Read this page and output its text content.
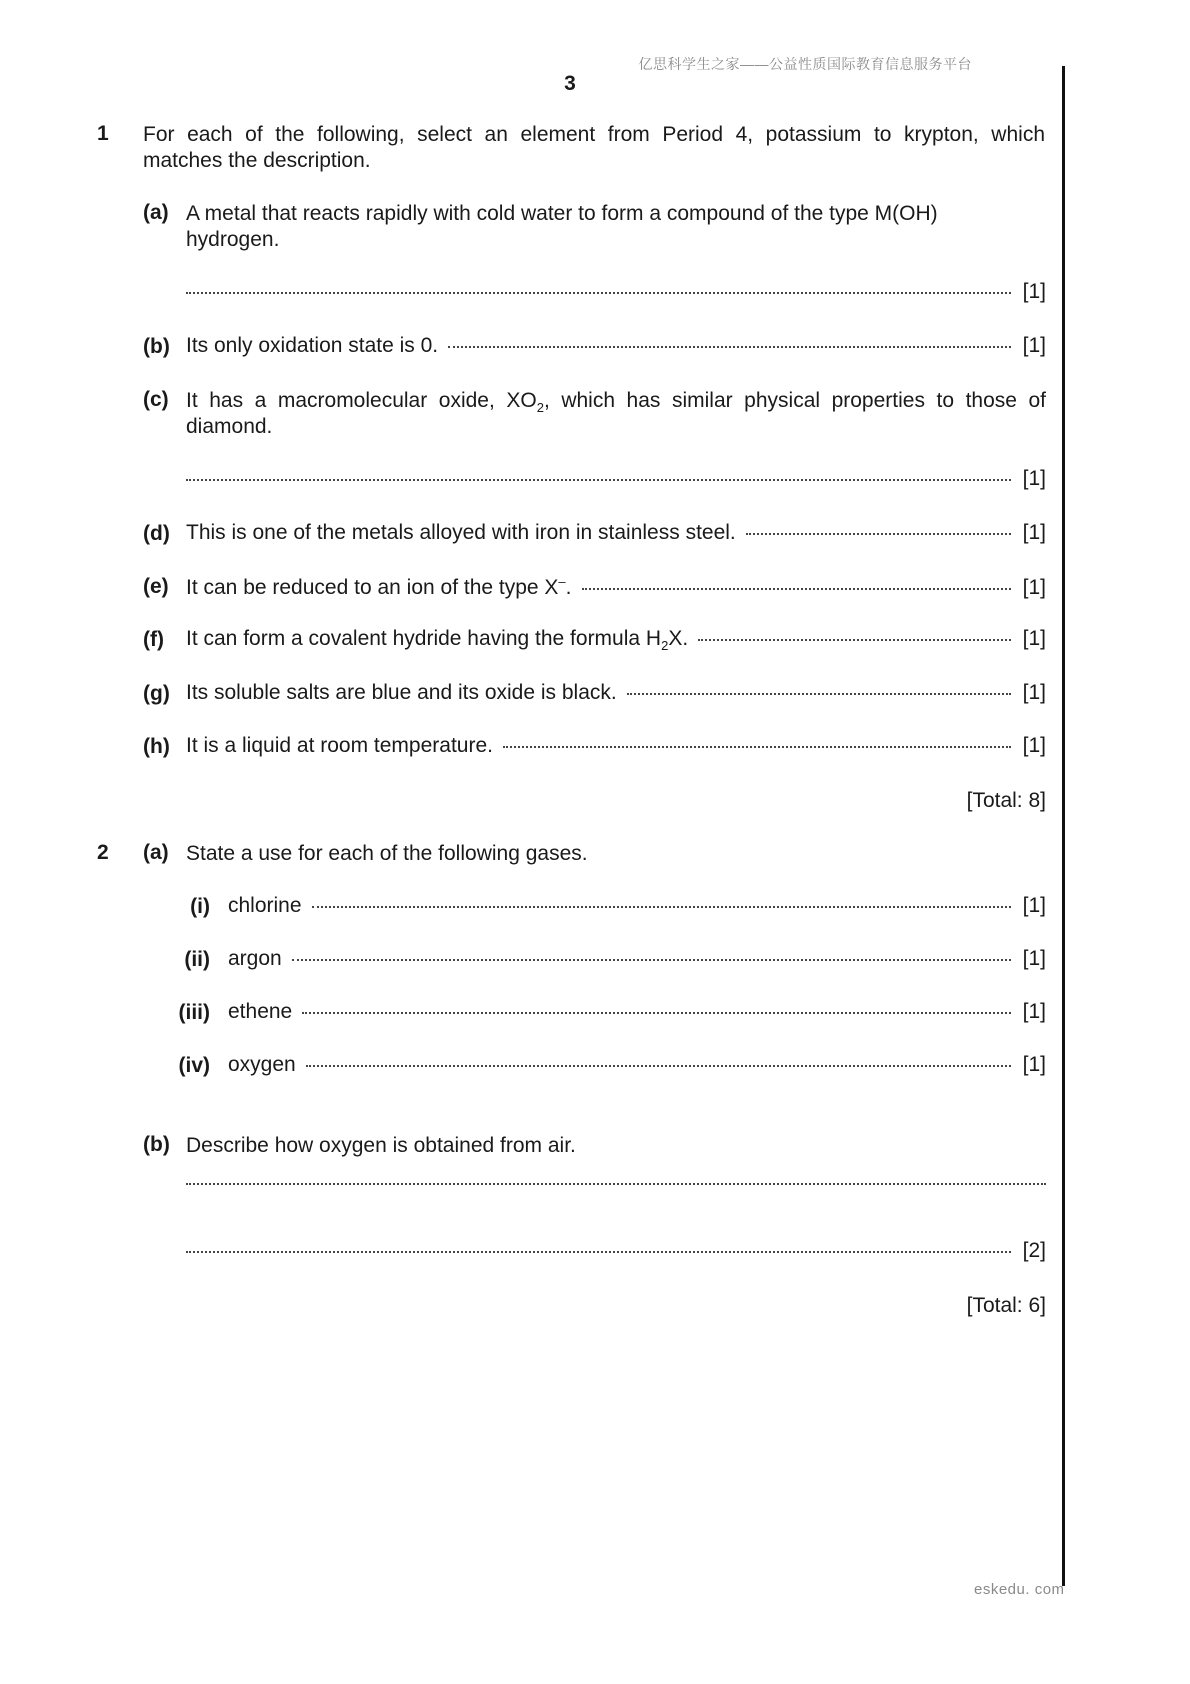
亿思科学生之家——公益性质国际教育信息服务平台
3
eskedu. com
1 For each of the following, select an element from Period 4, potassium to krypton, which
matches the description.
(a) A metal that reacts rapidly with cold water to form a compound of the type M(OH)
hydrogen.
[1]
(b) Its only oxidation state is 0.	[1]
(c) It has a macromolecular oxide, $XO_2$, which has similar physical properties to those of
diamond.
[1]
(d) This is one of the metals alloyed with iron in stainless steel.	[1]
(e) It can be reduced to an ion of the type X–.	[1]
(f) It can form a covalent hydride having the formula $H_2X$.	[1]
(g) Its soluble salts are blue and its oxide is black.	[1]
(h) It is a liquid at room temperature.	[1]
[Total: 8]
2 (a) State a use for each of the following gases.
(i) chlorine	[1]
(ii) argon	[1]
(iii) ethene	[1]
(iv) oxygen	[1]
(b) Describe how oxygen is obtained from air.
[2]
[Total: 6]
